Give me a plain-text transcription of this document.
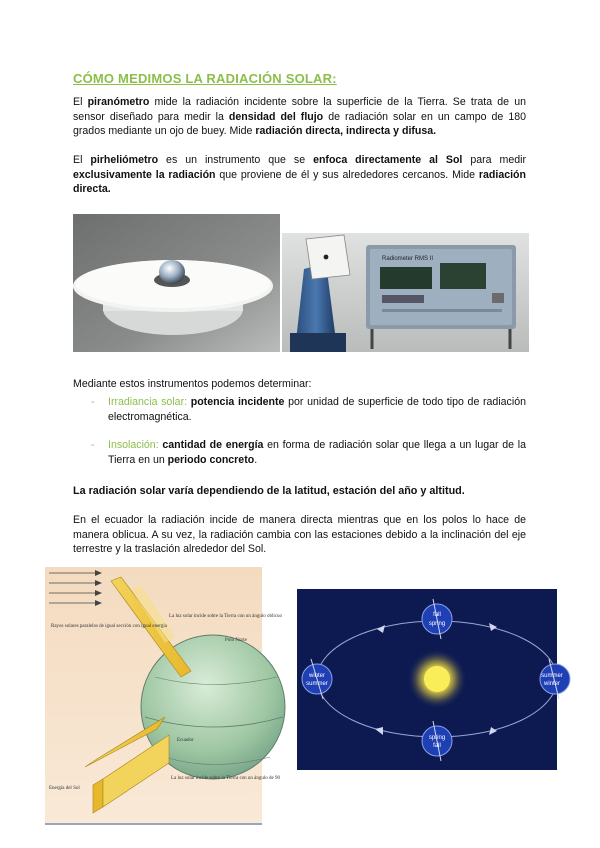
CÓMO MEDIMOS LA RADIACIÓN SOLAR:
El piranómetro mide la radiación incidente sobre la superficie de la Tierra. Se trata de un sensor diseñado para medir la densidad del flujo de radiación solar en un campo de 180 grados mediante un ojo de buey. Mide radiación directa, indirecta y difusa.
El pirheliómetro es un instrumento que se enfoca directamente al Sol para medir exclusivamente la radiación que proviene de él y sus alrededores cercanos. Mide radiación directa.
Radiometer RMS II
Mediante estos instrumentos podemos determinar:
- Irradiancia solar: potencia incidente por unidad de superficie de todo tipo de radiación electromagnética.
- Insolación: cantidad de energía en forma de radiación solar que llega a un lugar de la Tierra en un periodo concreto.
La radiación solar varía dependiendo de la latitud, estación del año y altitud.
En el ecuador la radiación incide de manera directa mientras que en los polos lo hace de manera oblicua. A su vez, la radiación cambia con las estaciones debido a la inclinación del eje terrestre y la traslación alrededor del Sol.
Rayos solares paralelos de igual sección con igual energía
La luz solar incide sobre la Tierra con un ángulo oblicuo
Polo Norte
Ecuador
Energía del Sol
La luz solar incide sobre la Tierra con un ángulo de 90
fall
spring
winter
summer
summer
winter
spring
fall
